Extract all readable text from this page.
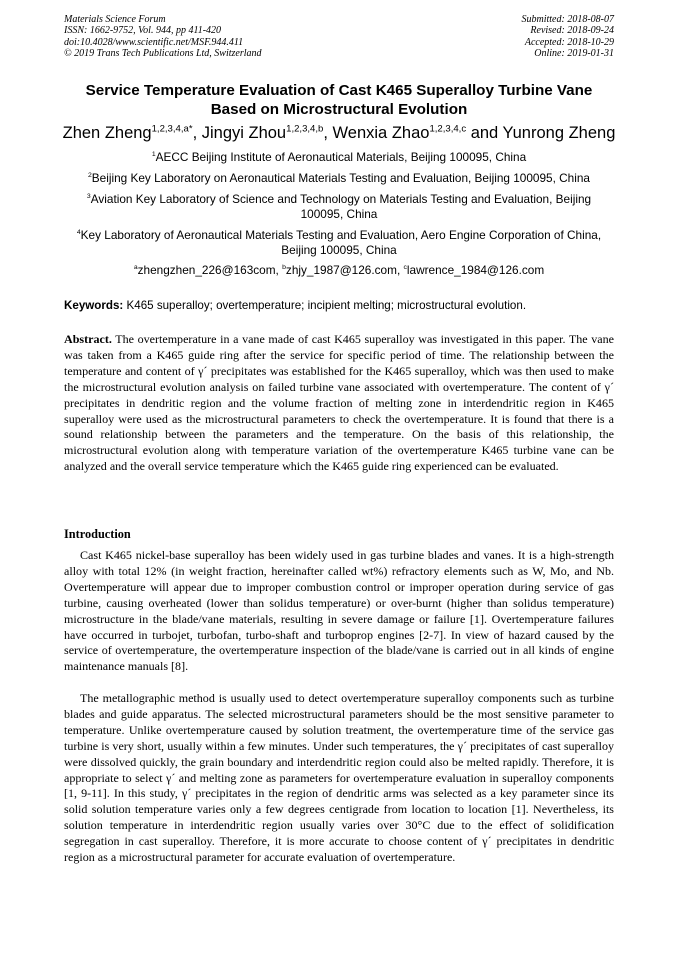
Materials Science Forum
ISSN: 1662-9752, Vol. 944, pp 411-420
doi:10.4028/www.scientific.net/MSF.944.411
© 2019 Trans Tech Publications Ltd, Switzerland
Submitted: 2018-08-07
Revised: 2018-09-24
Accepted: 2018-10-29
Online: 2019-01-31
Service Temperature Evaluation of Cast K465 Superalloy Turbine Vane
Based on Microstructural Evolution
Zhen Zheng$^{1,2,3,4,a*}$, Jingyi Zhou$^{1,2,3,4,b}$, Wenxia Zhao$^{1,2,3,4,c}$ and Yunrong Zheng
$^1$AECC Beijing Institute of Aeronautical Materials, Beijing 100095, China
$^2$Beijing Key Laboratory on Aeronautical Materials Testing and Evaluation, Beijing 100095, China
$^3$Aviation Key Laboratory of Science and Technology on Materials Testing and Evaluation, Beijing 100095, China
$^4$Key Laboratory of Aeronautical Materials Testing and Evaluation, Aero Engine Corporation of China, Beijing 100095, China
$^a$zhengzhen_226@163com, $^b$zhjy_1987@126.com, $^c$lawrence_1984@126.com
Keywords: K465 superalloy; overtemperature; incipient melting; microstructural evolution.
Abstract. The overtemperature in a vane made of cast K465 superalloy was investigated in this paper. The vane was taken from a K465 guide ring after the service for specific period of time. The relationship between the temperature and content of γ´ precipitates was established for the K465 superalloy, which was then used to make the microstructural evolution analysis on failed turbine vane associated with overtemperature. The content of γ´ precipitates in dendritic region and the volume fraction of melting zone in interdendritic region in K465 superalloy were used as the microstructural parameters to check the overtemperature. It is found that there is a sound relationship between the parameters and the temperature. On the basis of this relationship, the microstructural evolution along with temperature variation of the overtemperature K465 turbine vane can be analyzed and the overall service temperature which the K465 guide ring experienced can be evaluated.
Introduction
Cast K465 nickel-base superalloy has been widely used in gas turbine blades and vanes. It is a high-strength alloy with total 12% (in weight fraction, hereinafter called wt%) refractory elements such as W, Mo, and Nb. Overtemperature will appear due to improper combustion control or improper operation during service of gas turbine, causing overheated (lower than solidus temperature) or over-burnt (higher than solidus temperature) microstructure in the blade/vane materials, resulting in severe damage or failure [1]. Overtemperature failures have occurred in turbojet, turbofan, turbo-shaft and turboprop engines [2-7]. In view of hazard caused by the service of overtemperature, the overtemperature inspection of the blade/vane is carried out in all kinds of engine maintenance manuals [8].
The metallographic method is usually used to detect overtemperature superalloy components such as turbine blades and guide apparatus. The selected microstructural parameters should be the most sensitive parameter to temperature. Unlike overtemperature caused by solution treatment, the overtemperature time of the service gas turbine is very short, usually within a few minutes. Under such temperatures, the γ´ precipitates of cast superalloy were dissolved quickly, the grain boundary and interdendritic region could also be melted rapidly. Therefore, it is appropriate to select γ´ and melting zone as parameters for overtemperature evaluation in superalloy components [1, 9-11]. In this study, γ´ precipitates in the region of dendritic arms was selected as a key parameter since its solid solution temperature varies only a few degrees centigrade from location to location [1]. Nevertheless, its solution temperature in interdendritic region usually varies over 30°C due to the effect of solidification segregation in cast superalloy. Therefore, it is more accurate to choose content of γ´ precipitates in dendritic region as a microstructural parameter for accurate evaluation of overtemperature.
